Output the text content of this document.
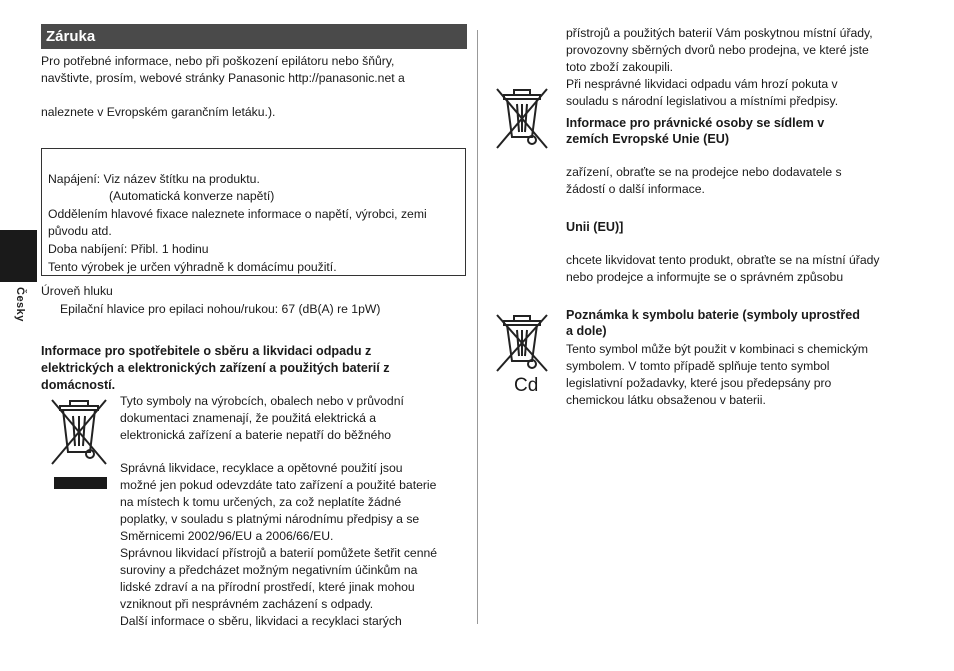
Záruka
Pro potřebné informace, nebo při poškození epilátoru nebo šňůry,
navštivte, prosím, webové stránky Panasonic http://panasonic.net a
naleznete v Evropském garančním letáku.).
Napájení: Viz název štítku na produktu.
(Automatická konverze napětí)
Oddělením hlavové fixace naleznete informace o napětí, výrobci, zemi
původu atd.
Doba nabíjení: Přibl. 1 hodinu
Tento výrobek je určen výhradně k domácímu použití.
Úroveň hluku
Epilační hlavice pro epilaci nohou/rukou: 67 (dB(A) re 1pW)
Česky
Informace pro spotřebitele o sběru a likvidaci odpadu z
elektrických a elektronických zařízení a použitých baterií z
domácností.
Tyto symboly na výrobcích, obalech nebo v průvodní
dokumentaci znamenají, že použitá elektrická a
elektronická zařízení a baterie nepatří do běžného
Správná likvidace, recyklace a opětovné použití jsou
možné jen pokud odevzdáte tato zařízení a použité baterie
na místech k tomu určených, za což neplatíte žádné
poplatky, v souladu s platnými národnímu předpisy a se
Směrnicemi 2002/96/EU a 2006/66/EU.
Správnou likvidací přístrojů a baterií pomůžete šetřit cenné
suroviny a předcházet možným negativním účinkům na
lidské zdraví a na přírodní prostředí, které jinak mohou
vzniknout při nesprávném zacházení s odpady.
Další informace o sběru, likvidaci a recyklaci starých
přístrojů a použitých baterií Vám poskytnou místní úřady,
provozovny sběrných dvorů nebo prodejna, ve které jste
toto zboží zakoupili.
Při nesprávné likvidaci odpadu vám hrozí pokuta v
souladu s národní legislativou a místními předpisy.
Informace pro právnické osoby se sídlem v
zemích Evropské Unie (EU)
zařízení, obraťte se na prodejce nebo dodavatele s
žádostí o další informace.
Unii (EU)]
chcete likvidovat tento produkt, obraťte se na místní úřady
nebo prodejce a informujte se o správném způsobu
Cd
Poznámka k symbolu baterie (symboly uprostřed
a dole)
Tento symbol může být použit v kombinaci s chemickým
symbolem. V tomto případě splňuje tento symbol
legislativní požadavky, které jsou předepsány pro
chemickou látku obsaženou v baterii.
